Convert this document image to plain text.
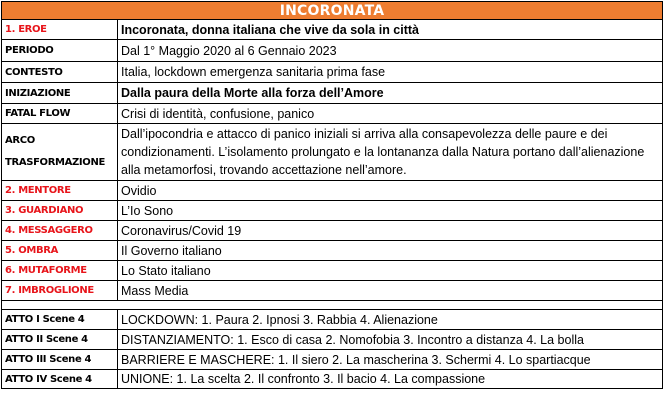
INCORONATA	
1. EROE	Incoronata, donna italiana che vive da sola in città
PERIODO	Dal 1° Maggio 2020 al 6 Gennaio 2023
CONTESTO	Italia, lockdown emergenza sanitaria prima fase
INIZIAZIONE	Dalla paura della Morte alla forza dell’Amore
FATAL FLOW	Crisi di identità, confusione, panico
ARCO TRASFORMAZIONE	Dall’ipocondria e attacco di panico iniziali si arriva alla consapevolezza delle paure e dei condizionamenti. L’isolamento prolungato e la lontananza dalla Natura portano dall’alienazione alla metamorfosi, trovando accettazione nell’amore.
2. MENTORE	Ovidio
3. GUARDIANO	L’Io Sono
4. MESSAGGERO	Coronavirus/Covid 19
5. OMBRA	Il Governo italiano
6. MUTAFORME	Lo Stato italiano
7. IMBROGLIONE	Mass Media

ATTO I Scene 4	LOCKDOWN: 1. Paura 2. Ipnosi 3. Rabbia 4. Alienazione
ATTO II Scene 4	DISTANZIAMENTO: 1. Esco di casa 2. Nomofobia 3. Incontro a distanza 4. La bolla
ATTO III Scene 4	BARRIERE E MASCHERE: 1. Il siero 2. La mascherina 3. Schermi 4. Lo spartiacque
ATTO IV Scene 4	UNIONE: 1. La scelta 2. Il confronto 3. Il bacio 4. La compassione
